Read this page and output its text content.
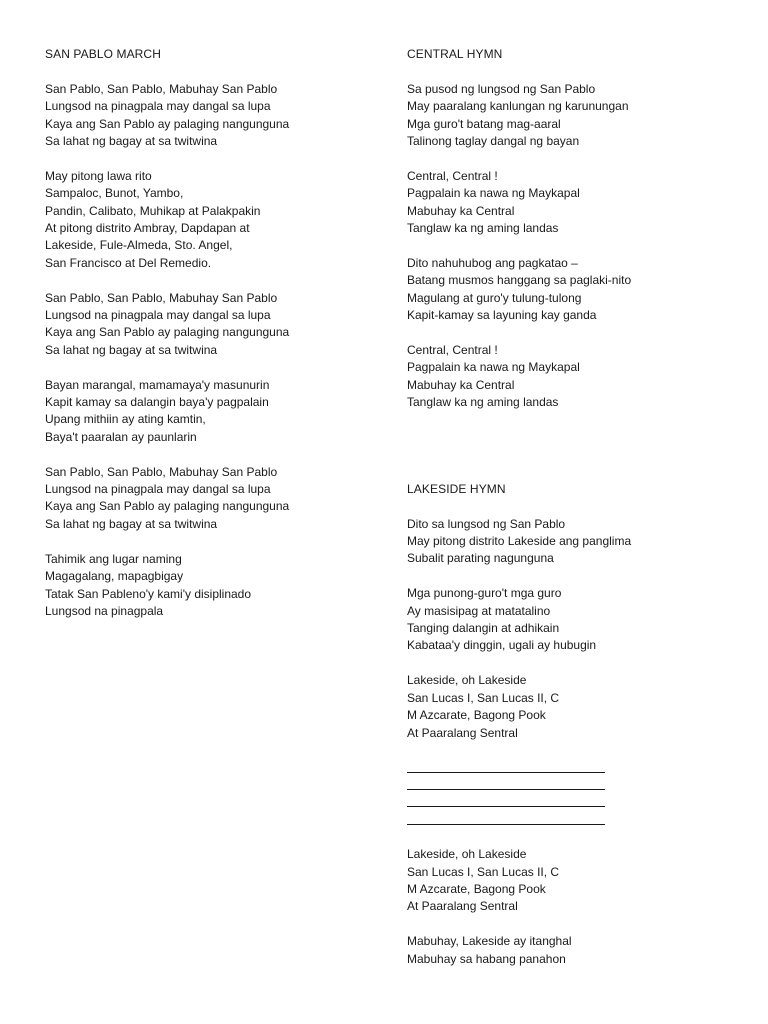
SAN PABLO MARCH
San Pablo, San Pablo, Mabuhay San Pablo
Lungsod na pinagpala may dangal sa lupa
Kaya ang San Pablo ay palaging nangunguna
Sa lahat ng bagay at sa twitwina
May pitong lawa rito
Sampaloc, Bunot, Yambo,
Pandin, Calibato, Muhikap at Palakpakin
At pitong distrito Ambray, Dapdapan at
Lakeside, Fule-Almeda, Sto. Angel,
San Francisco at Del Remedio.
San Pablo, San Pablo, Mabuhay San Pablo
Lungsod na pinagpala may dangal sa lupa
Kaya ang San Pablo ay palaging nangunguna
Sa lahat ng bagay at sa twitwina
Bayan marangal, mamamaya'y masunurin
Kapit kamay sa dalangin baya'y pagpalain
Upang mithiin ay ating kamtin,
Baya't paaralan ay paunlarin
San Pablo, San Pablo, Mabuhay San Pablo
Lungsod na pinagpala may dangal sa lupa
Kaya ang San Pablo ay palaging nangunguna
Sa lahat ng bagay at sa twitwina
Tahimik ang lugar naming
Magagalang, mapagbigay
Tatak San Pableno'y kami'y disiplinado
Lungsod na pinagpala
CENTRAL HYMN
Sa pusod ng lungsod ng San Pablo
May paaralang kanlungan ng karunungan
Mga guro't batang mag-aaral
Talinong taglay dangal ng bayan
Central, Central !
Pagpalain ka nawa ng Maykapal
Mabuhay ka Central
Tanglaw ka ng aming landas
Dito nahuhubog ang pagkatao –
Batang musmos hanggang sa paglaki-nito
Magulang at guro'y tulung-tulong
Kapit-kamay sa layuning kay ganda
Central, Central !
Pagpalain ka nawa ng Maykapal
Mabuhay ka Central
Tanglaw ka ng aming landas
LAKESIDE HYMN
Dito sa lungsod ng San Pablo
May pitong distrito Lakeside ang panglima
Subalit parating nagunguna
Mga punong-guro't mga guro
Ay masisipag at matatalino
Tanging dalangin at adhikain
Kabataa'y dinggin, ugali ay hubugin
Lakeside, oh Lakeside
San Lucas I, San Lucas II, C
M Azcarate, Bagong Pook
At Paaralang Sentral
Lakeside, oh Lakeside
San Lucas I, San Lucas II, C
M Azcarate, Bagong Pook
At Paaralang Sentral
Mabuhay, Lakeside ay itanghal
Mabuhay sa habang panahon
